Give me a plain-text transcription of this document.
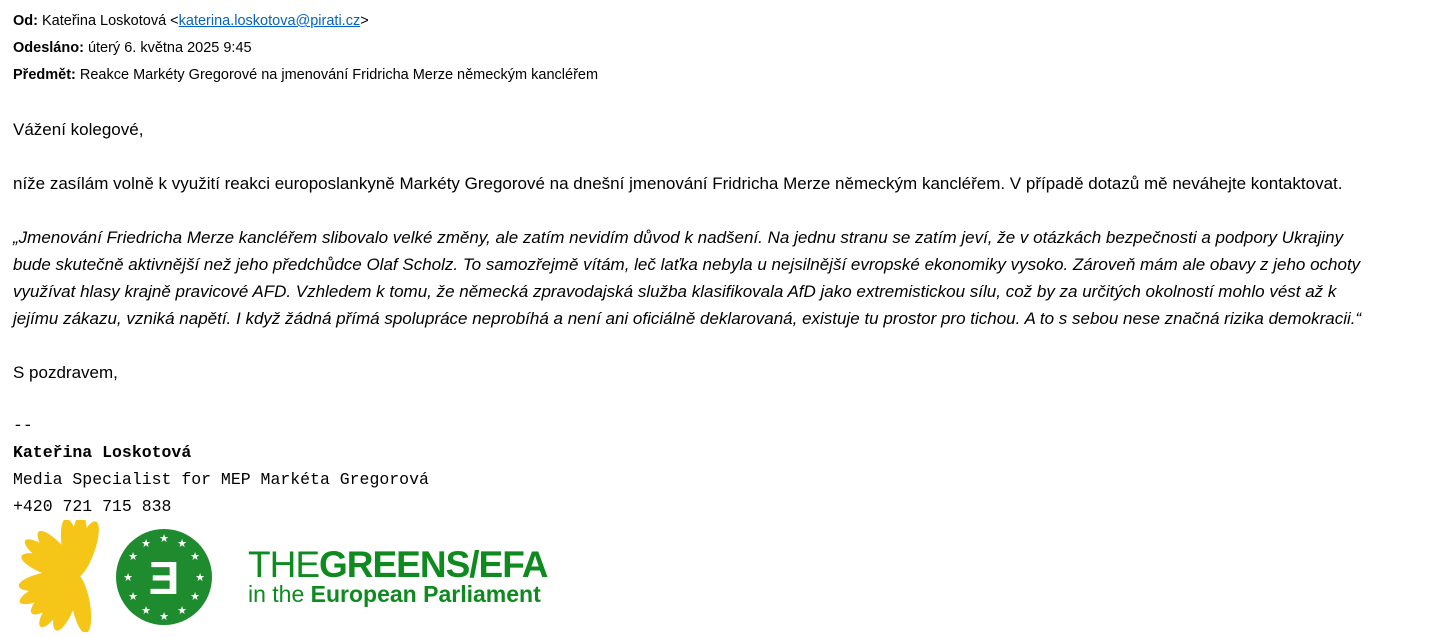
Od: Kateřina Loskotová <katerina.loskotova@pirati.cz>
Odesláno: úterý 6. května 2025 9:45
Předmět: Reakce Markéty Gregorové na jmenování Fridricha Merze německým kancléřem
Vážení kolegové,
níže zasílám volně k využití reakci europoslankyně Markéty Gregorové na dnešní jmenování Fridricha Merze německým kancléřem. V případě dotazů mě neváhejte kontaktovat.
„Jmenování Friedricha Merze kancléřem slibovalo velké změny, ale zatím nevidím důvod k nadšení. Na jednu stranu se zatím jeví, že v otázkách bezpečnosti a podpory Ukrajiny
bude skutečně aktivnější než jeho předchůdce Olaf Scholz. To samozřejmě vítám, leč laťka nebyla u nejsilnější evropské ekonomiky vysoko. Zároveň mám ale obavy z jeho ochoty
využívat hlasy krajně pravicové AFD. Vzhledem k tomu, že německá zpravodajská služba klasifikovala AfD jako extremistickou sílu, což by za určitých okolností mohlo vést až k
jejímu zákazu, vzniká napětí. I když žádná přímá spolupráce neprobíhá a není ani oficiálně deklarovaná, existuje tu prostor pro tichou. A to s sebou nese značná rizika demokracii.“
S pozdravem,
--
Kateřina Loskotová
Media Specialist for MEP Markéta Gregorová
+420 721 715 838
★ ★
★
★
★
★
★
★
★
★
★
★
E THEGREENS/EFA
in the European Parliament
